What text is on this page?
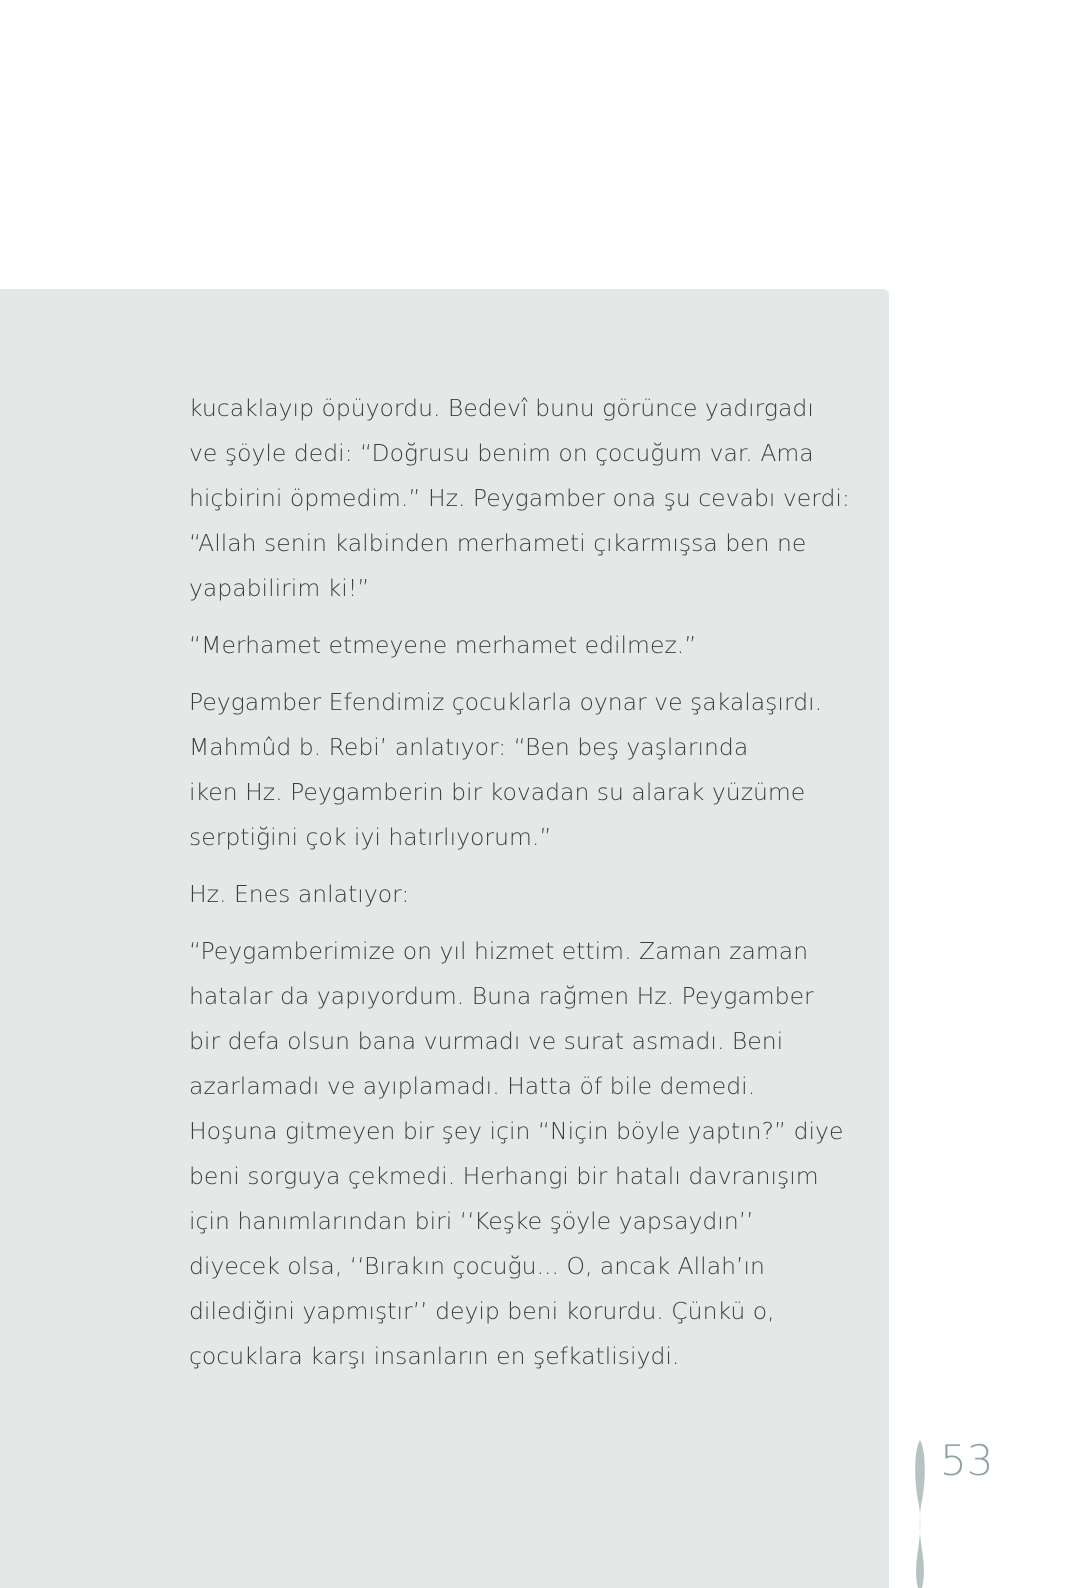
kucaklayıp öpüyordu. Bedevî bunu görünce yadırgadı
ve şöyle dedi: “Doğrusu benim on çocuğum var. Ama
hiçbirini öpmedim.” Hz. Peygamber ona şu cevabı verdi:
“Allah senin kalbinden merhameti çıkarmışsa ben ne
yapabilirim ki!”

“Merhamet etmeyene merhamet edilmez.”

Peygamber Efendimiz çocuklarla oynar ve şakalaşırdı.
Mahmûd b. Rebi’ anlatıyor: “Ben beş yaşlarında
iken Hz. Peygamberin bir kovadan su alarak yüzüme
serptiğini çok iyi hatırlıyorum.”

Hz. Enes anlatıyor:

“Peygamberimize on yıl hizmet ettim. Zaman zaman
hatalar da yapıyordum. Buna rağmen Hz. Peygamber
bir defa olsun bana vurmadı ve surat asmadı. Beni
azarlamadı ve ayıplamadı. Hatta öf bile demedi.
Hoşuna gitmeyen bir şey için “Niçin böyle yaptın?” diye
beni sorguya çekmedi. Herhangi bir hatalı davranışım
için hanımlarından biri ‘‘Keşke şöyle yapsaydın’’
diyecek olsa, ‘‘Bırakın çocuğu... O, ancak Allah’ın
dilediğini yapmıştır’’ deyip beni korurdu. Çünkü o,
çocuklara karşı insanların en şefkatlisiydi.

53
